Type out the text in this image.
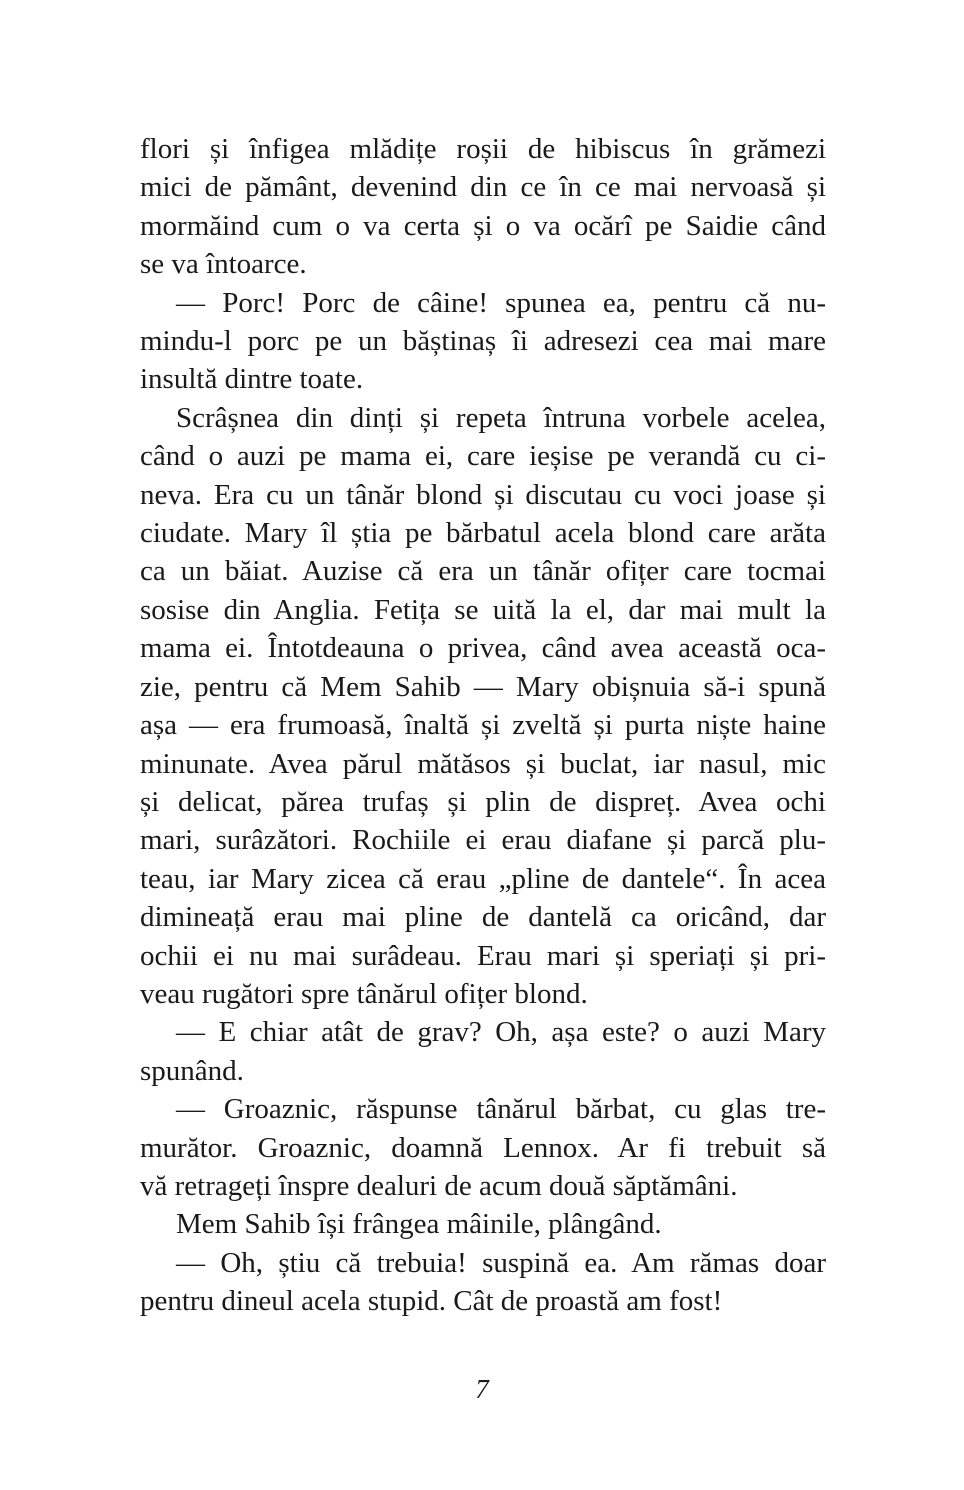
flori și înfigea mlădițe roșii de hibiscus în grămezi
mici de pământ, devenind din ce în ce mai nervoasă și
mormăind cum o va certa și o va ocărî pe Saidie când
se va întoarce.
— Porc! Porc de câine! spunea ea, pentru că nu-
mindu-l porc pe un băștinaș îi adresezi cea mai mare
insultă dintre toate.
Scrâșnea din dinți și repeta întruna vorbele acelea,
când o auzi pe mama ei, care ieșise pe verandă cu ci-
neva. Era cu un tânăr blond și discutau cu voci joase și
ciudate. Mary îl știa pe bărbatul acela blond care arăta
ca un băiat. Auzise că era un tânăr ofițer care tocmai
sosise din Anglia. Fetița se uită la el, dar mai mult la
mama ei. Întotdeauna o privea, când avea această oca-
zie, pentru că Mem Sahib — Mary obișnuia să-i spună
așa — era frumoasă, înaltă și zveltă și purta niște haine
minunate. Avea părul mătăsos și buclat, iar nasul, mic
și delicat, părea trufaș și plin de dispreț. Avea ochi
mari, surâzători. Rochiile ei erau diafane și parcă plu-
teau, iar Mary zicea că erau „pline de dantele“. În acea
dimineață erau mai pline de dantelă ca oricând, dar
ochii ei nu mai surâdeau. Erau mari și speriați și pri-
veau rugători spre tânărul ofițer blond.
— E chiar atât de grav? Oh, așa este? o auzi Mary
spunând.
— Groaznic, răspunse tânărul bărbat, cu glas tre-
murător. Groaznic, doamnă Lennox. Ar fi trebuit să
vă retrageți înspre dealuri de acum două săptămâni.
Mem Sahib își frângea mâinile, plângând.
— Oh, știu că trebuia! suspină ea. Am rămas doar
pentru dineul acela stupid. Cât de proastă am fost!
7
